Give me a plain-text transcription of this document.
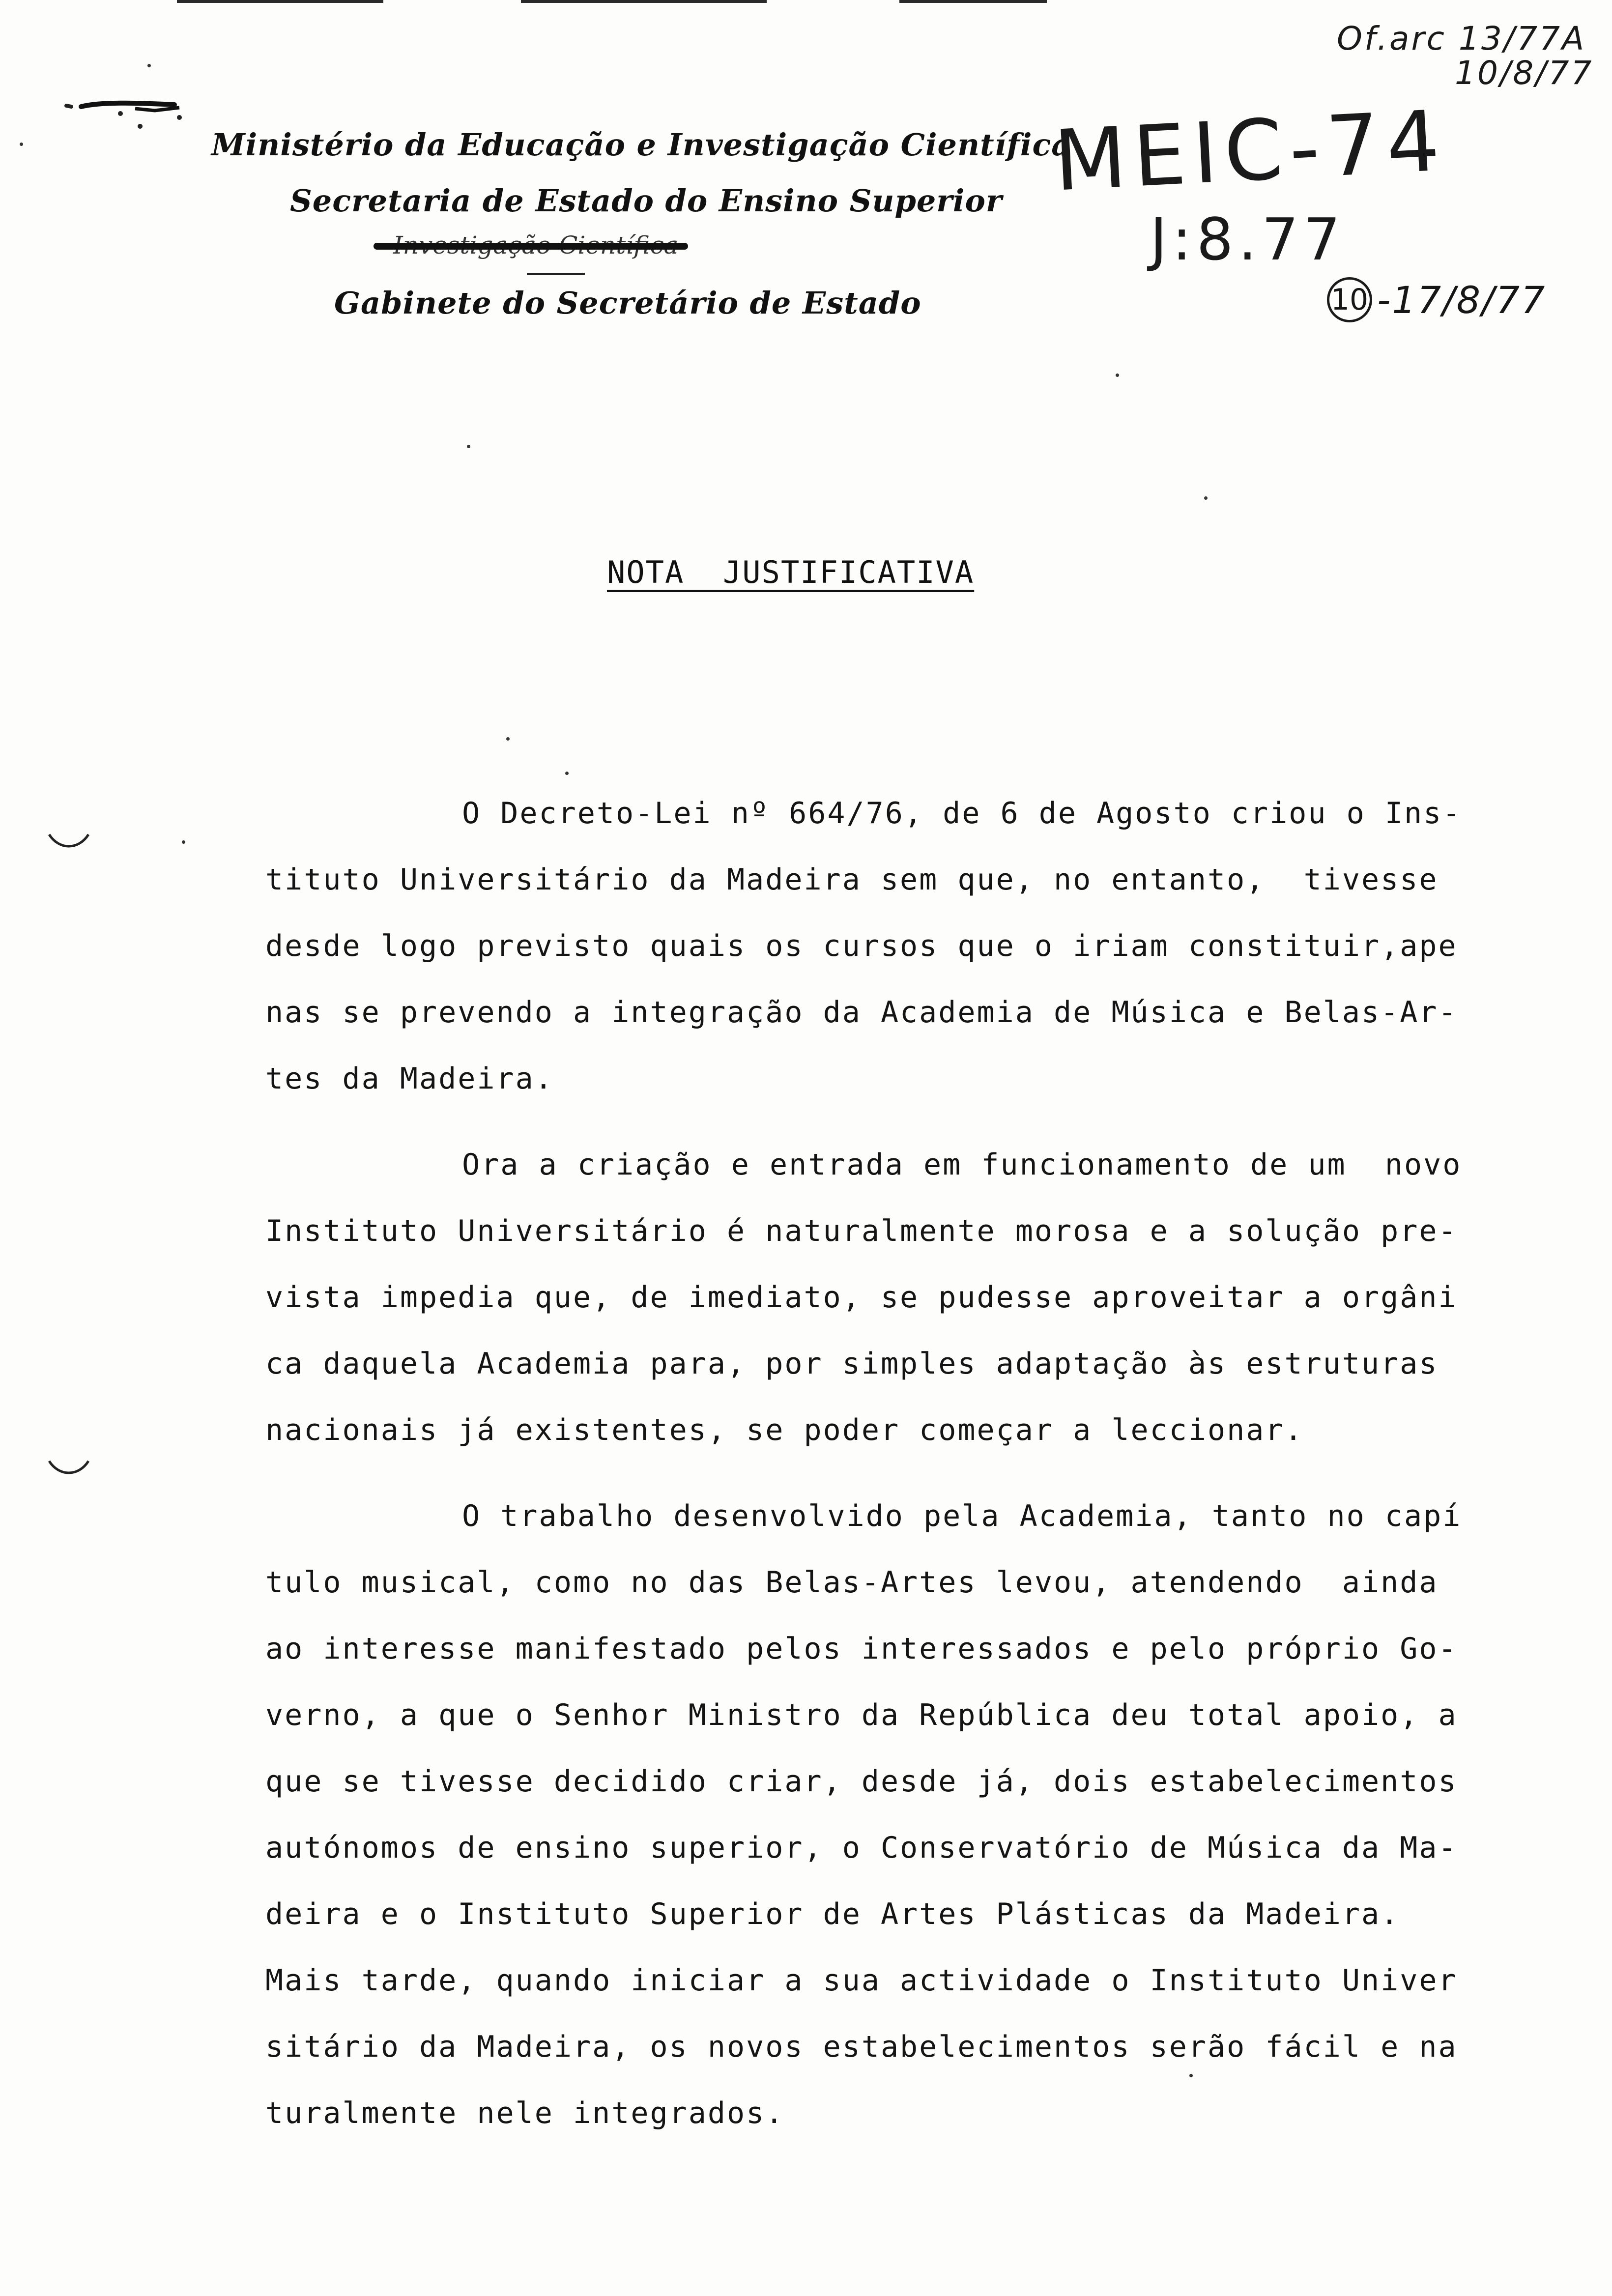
Ministério da Educação e Investigação Científica
Secretaria de Estado do Ensino Superior
Gabinete do Secretário de Estado
Of.arc 13/77A
10/8/77
MEIC-74
J:8.77
10 -17/8/77
NOTA  JUSTIFICATIVA
O Decreto-Lei nº 664/76, de 6 de Agosto criou o Ins-
tituto Universitário da Madeira sem que, no entanto,  tivesse
desde logo previsto quais os cursos que o iriam constituir,ape
nas se prevendo a integração da Academia de Música e Belas-Ar-
tes da Madeira.
Ora a criação e entrada em funcionamento de um  novo
Instituto Universitário é naturalmente morosa e a solução pre-
vista impedia que, de imediato, se pudesse aproveitar a orgâni
ca daquela Academia para, por simples adaptação às estruturas
nacionais já existentes, se poder começar a leccionar.
O trabalho desenvolvido pela Academia, tanto no capí
tulo musical, como no das Belas-Artes levou, atendendo  ainda
ao interesse manifestado pelos interessados e pelo próprio Go-
verno, a que o Senhor Ministro da República deu total apoio, a
que se tivesse decidido criar, desde já, dois estabelecimentos
autónomos de ensino superior, o Conservatório de Música da Ma-
deira e o Instituto Superior de Artes Plásticas da Madeira.
Mais tarde, quando iniciar a sua actividade o Instituto Univer
sitário da Madeira, os novos estabelecimentos serão fácil e na
turalmente nele integrados.
